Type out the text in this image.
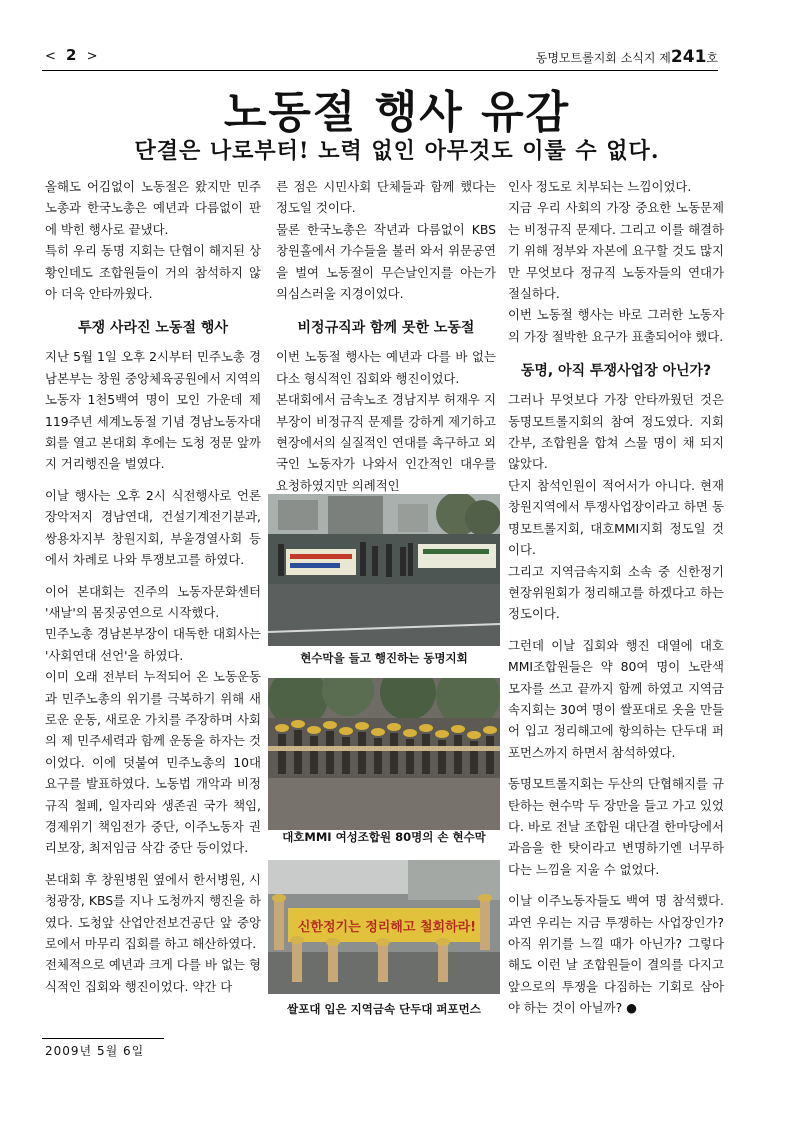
< 2 >	동명모트롤지회 소식지 제241호
노동절 행사 유감
단결은 나로부터! 노력 없인 아무것도 이룰 수 없다.

올해도 어김없이 노동절은 왔지만 민주노총과 한국노총은 예년과 다름없이 판에 박힌 행사로 끝냈다.

특히 우리 동명 지회는 단협이 해지된 상황인데도 조합원들이 거의 참석하지 않아 더욱 안타까웠다.

투쟁 사라진 노동절 행사

지난 5월 1일 오후 2시부터 민주노총 경남본부는 창원 중앙체육공원에서 지역의 노동자 1천5백여 명이 모인 가운데 제119주년 세계노동절 기념 경남노동자대회를 열고 본대회 후에는 도청 정문 앞까지 거리행진을 벌였다.

이날 행사는 오후 2시 식전행사로 언론장악저지 경남연대, 건설기계전기분과, 쌍용차지부 창원지회, 부울경열사회 등에서 차례로 나와 투쟁보고를 하였다.

이어 본대회는 진주의 노동자문화센터 '새날'의 몸짓공연으로 시작했다.

민주노총 경남본부장이 대독한 대회사는 '사회연대 선언'을 하였다.

이미 오래 전부터 누적되어 온 노동운동과 민주노총의 위기를 극복하기 위해 새로운 운동, 새로운 가치를 주장하며 사회의 제 민주세력과 함께 운동을 하자는 것이었다. 이에 덧붙여 민주노총의 10대 요구를 발표하였다. 노동법 개악과 비정규직 철폐, 일자리와 생존권 국가 책임, 경제위기 책임전가 중단, 이주노동자 권리보장, 최저임금 삭감 중단 등이었다.

본대회 후 창원병원 옆에서 한서병원, 시청광장, KBS를 지나 도청까지 행진을 하였다. 도청앞 산업안전보건공단 앞 중앙로에서 마무리 집회를 하고 해산하였다.

전체적으로 예년과 크게 다를 바 없는 형식적인 집회와 행진이었다. 약간 다

른 점은 시민사회 단체들과 함께 했다는 정도일 것이다.

물론 한국노총은 작년과 다름없이 KBS 창원홀에서 가수들을 불러 와서 위문공연을 벌여 노동절이 무슨날인지를 아는가 의심스러울 지경이었다.

비정규직과 함께 못한 노동절

이번 노동절 행사는 예년과 다를 바 없는 다소 형식적인 집회와 행진이었다.

본대회에서 금속노조 경남지부 허재우 지부장이 비정규직 문제를 강하게 제기하고 현장에서의 실질적인 연대를 촉구하고 외국인 노동자가 나와서 인간적인 대우를 요청하였지만 의례적인

현수막을 들고 행진하는 동명지회
대호MMI 여성조합원 80명의 손 현수막
신한정기는 정리해고 철회하라!
쌀포대 입은 지역금속 단두대 퍼포먼스

인사 정도로 치부되는 느낌이었다.

지금 우리 사회의 가장 중요한 노동문제는 비정규직 문제다. 그리고 이를 해결하기 위해 정부와 자본에 요구할 것도 많지만 무엇보다 정규직 노동자들의 연대가 절실하다.

이번 노동절 행사는 바로 그러한 노동자의 가장 절박한 요구가 표출되어야 했다.

동명, 아직 투쟁사업장 아닌가?

그러나 무엇보다 가장 안타까웠던 것은 동명모트롤지회의 참여 정도였다. 지회 간부, 조합원을 합쳐 스물 명이 채 되지 않았다.

단지 참석인원이 적어서가 아니다. 현재 창원지역에서 투쟁사업장이라고 하면 동명모트롤지회, 대호MMI지회 정도일 것이다.

그리고 지역금속지회 소속 중 신한정기 현장위원회가 정리해고를 하겠다고 하는 정도이다.

그런데 이날 집회와 행진 대열에 대호MMI조합원들은 약 80여 명이 노란색 모자를 쓰고 끝까지 함께 하였고 지역금속지회는 30여 명이 쌀포대로 옷을 만들어 입고 정리해고에 항의하는 단두대 퍼포먼스까지 하면서 참석하였다.

동명모트롤지회는 두산의 단협해지를 규탄하는 현수막 두 장만을 들고 가고 있었다. 바로 전날 조합원 대단결 한마당에서 과음을 한 탓이라고 변명하기엔 너무하다는 느낌을 지울 수 없었다.

이날 이주노동자들도 백여 명 참석했다. 과연 우리는 지금 투쟁하는 사업장인가? 아직 위기를 느낄 때가 아닌가? 그렇다해도 이런 날 조합원들이 결의를 다지고 앞으로의 투쟁을 다짐하는 기회로 삼아야 하는 것이 아닐까? ●

2009년 5월 6일
